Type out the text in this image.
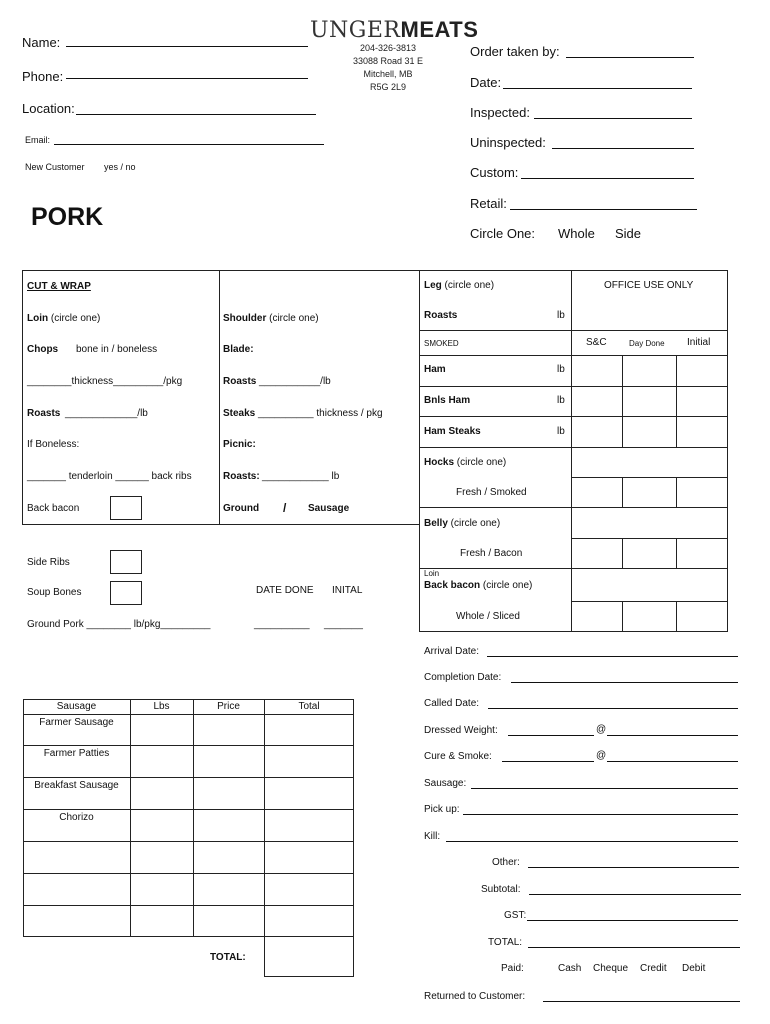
Name:
Phone:
Location:
Email:
New Customer yes / no
PORK
UNGERMEATS
204-326-3813
33088 Road 31 E
Mitchell, MB
R5G 2L9
Order taken by:
Date:
Inspected:
Uninspected:
Custom:
Retail:
Circle One: Whole Side
CUT & WRAP
Loin (circle one)
Chops bone in / boneless
________thickness_________/pkg
Roasts _____________/lb
If Boneless:
_______ tenderloin ______ back ribs
Back bacon
Shoulder (circle one)
Blade:
Roasts ___________/lb
Steaks __________ thickness / pkg
Picnic:
Roasts: ____________ lb
Ground / Sausage
Leg (circle one)	OFFICE USE ONLY
Roasts	lb
SMOKED	S&C	Day Done Initial
Ham	lb
Bnls Ham	lb
Ham Steaks	lb
Hocks (circle one)
Fresh / Smoked
Belly (circle one)
Fresh / Bacon
Loin
Back bacon (circle one)
Whole / Sliced
Side Ribs
Soup Bones	DATE DONE INITAL
Ground Pork ________ lb/pkg_________	__________ _______
Sausage	Lbs	Price	Total
Farmer Sausage
Farmer Patties
Breakfast Sausage
Chorizo
TOTAL:
Arrival Date:
Completion Date:
Called Date:
Dressed Weight:	@
Cure & Smoke:	@
Sausage:
Pick up:
Kill:
Other:
Subtotal:
GST:
TOTAL:
Paid:	Cash Cheque Credit Debit
Returned to Customer:
